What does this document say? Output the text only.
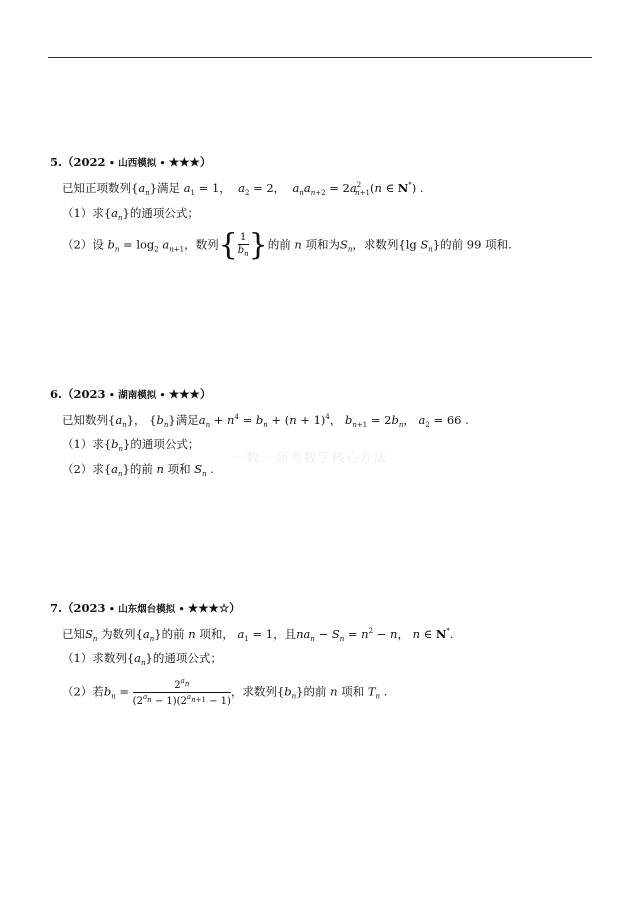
一数 · 高考数学核心方法
5.（2022 • 山西模拟 • ★★★）
已知正项数列$\{a_n\}$满足 $a_1 = 1$，  $a_2 = 2$，  $a_na_{n+2} = 2a^2_{n+1}(n$ ∈ N*) .
（1）求$\{a_n\}$的通项公式；
（2）设 $b_n = \log_2 a_{n+1}$，数列{ $\frac{1}{b_n}$ }的前 n 项和为$S_n$，求数列{lg $S_n$}的前 99 项和.
6.（2023 • 湖南模拟 • ★★★）
已知数列$\{a_n\}$， $\{b_n\}$满足$a_n + n^4 = b_n + (n + 1)^4$， $b_{n+1} = 2b_n$， $a_2 = 66$ .
（1）求$\{b_n\}$的通项公式；
（2）求$\{a_n\}$的前 n 项和 $S_n$ .
7.（2023 • 山东烟台模拟 • ★★★☆）
已知$S_n$ 为数列$\{a_n\}$的前 n 项和， $a_1 = 1$，且$na_n - S_n = n^2 - n$， n ∈ N*.
（1）求数列$\{a_n\}$的通项公式；
（2）若$b_n = \frac{2^{a_n}}{(2^{a_n} - 1)(2^{a_{n+1}} - 1)}$ ，求数列$\{b_n\}$的前 n 项和 $T_n$ .
